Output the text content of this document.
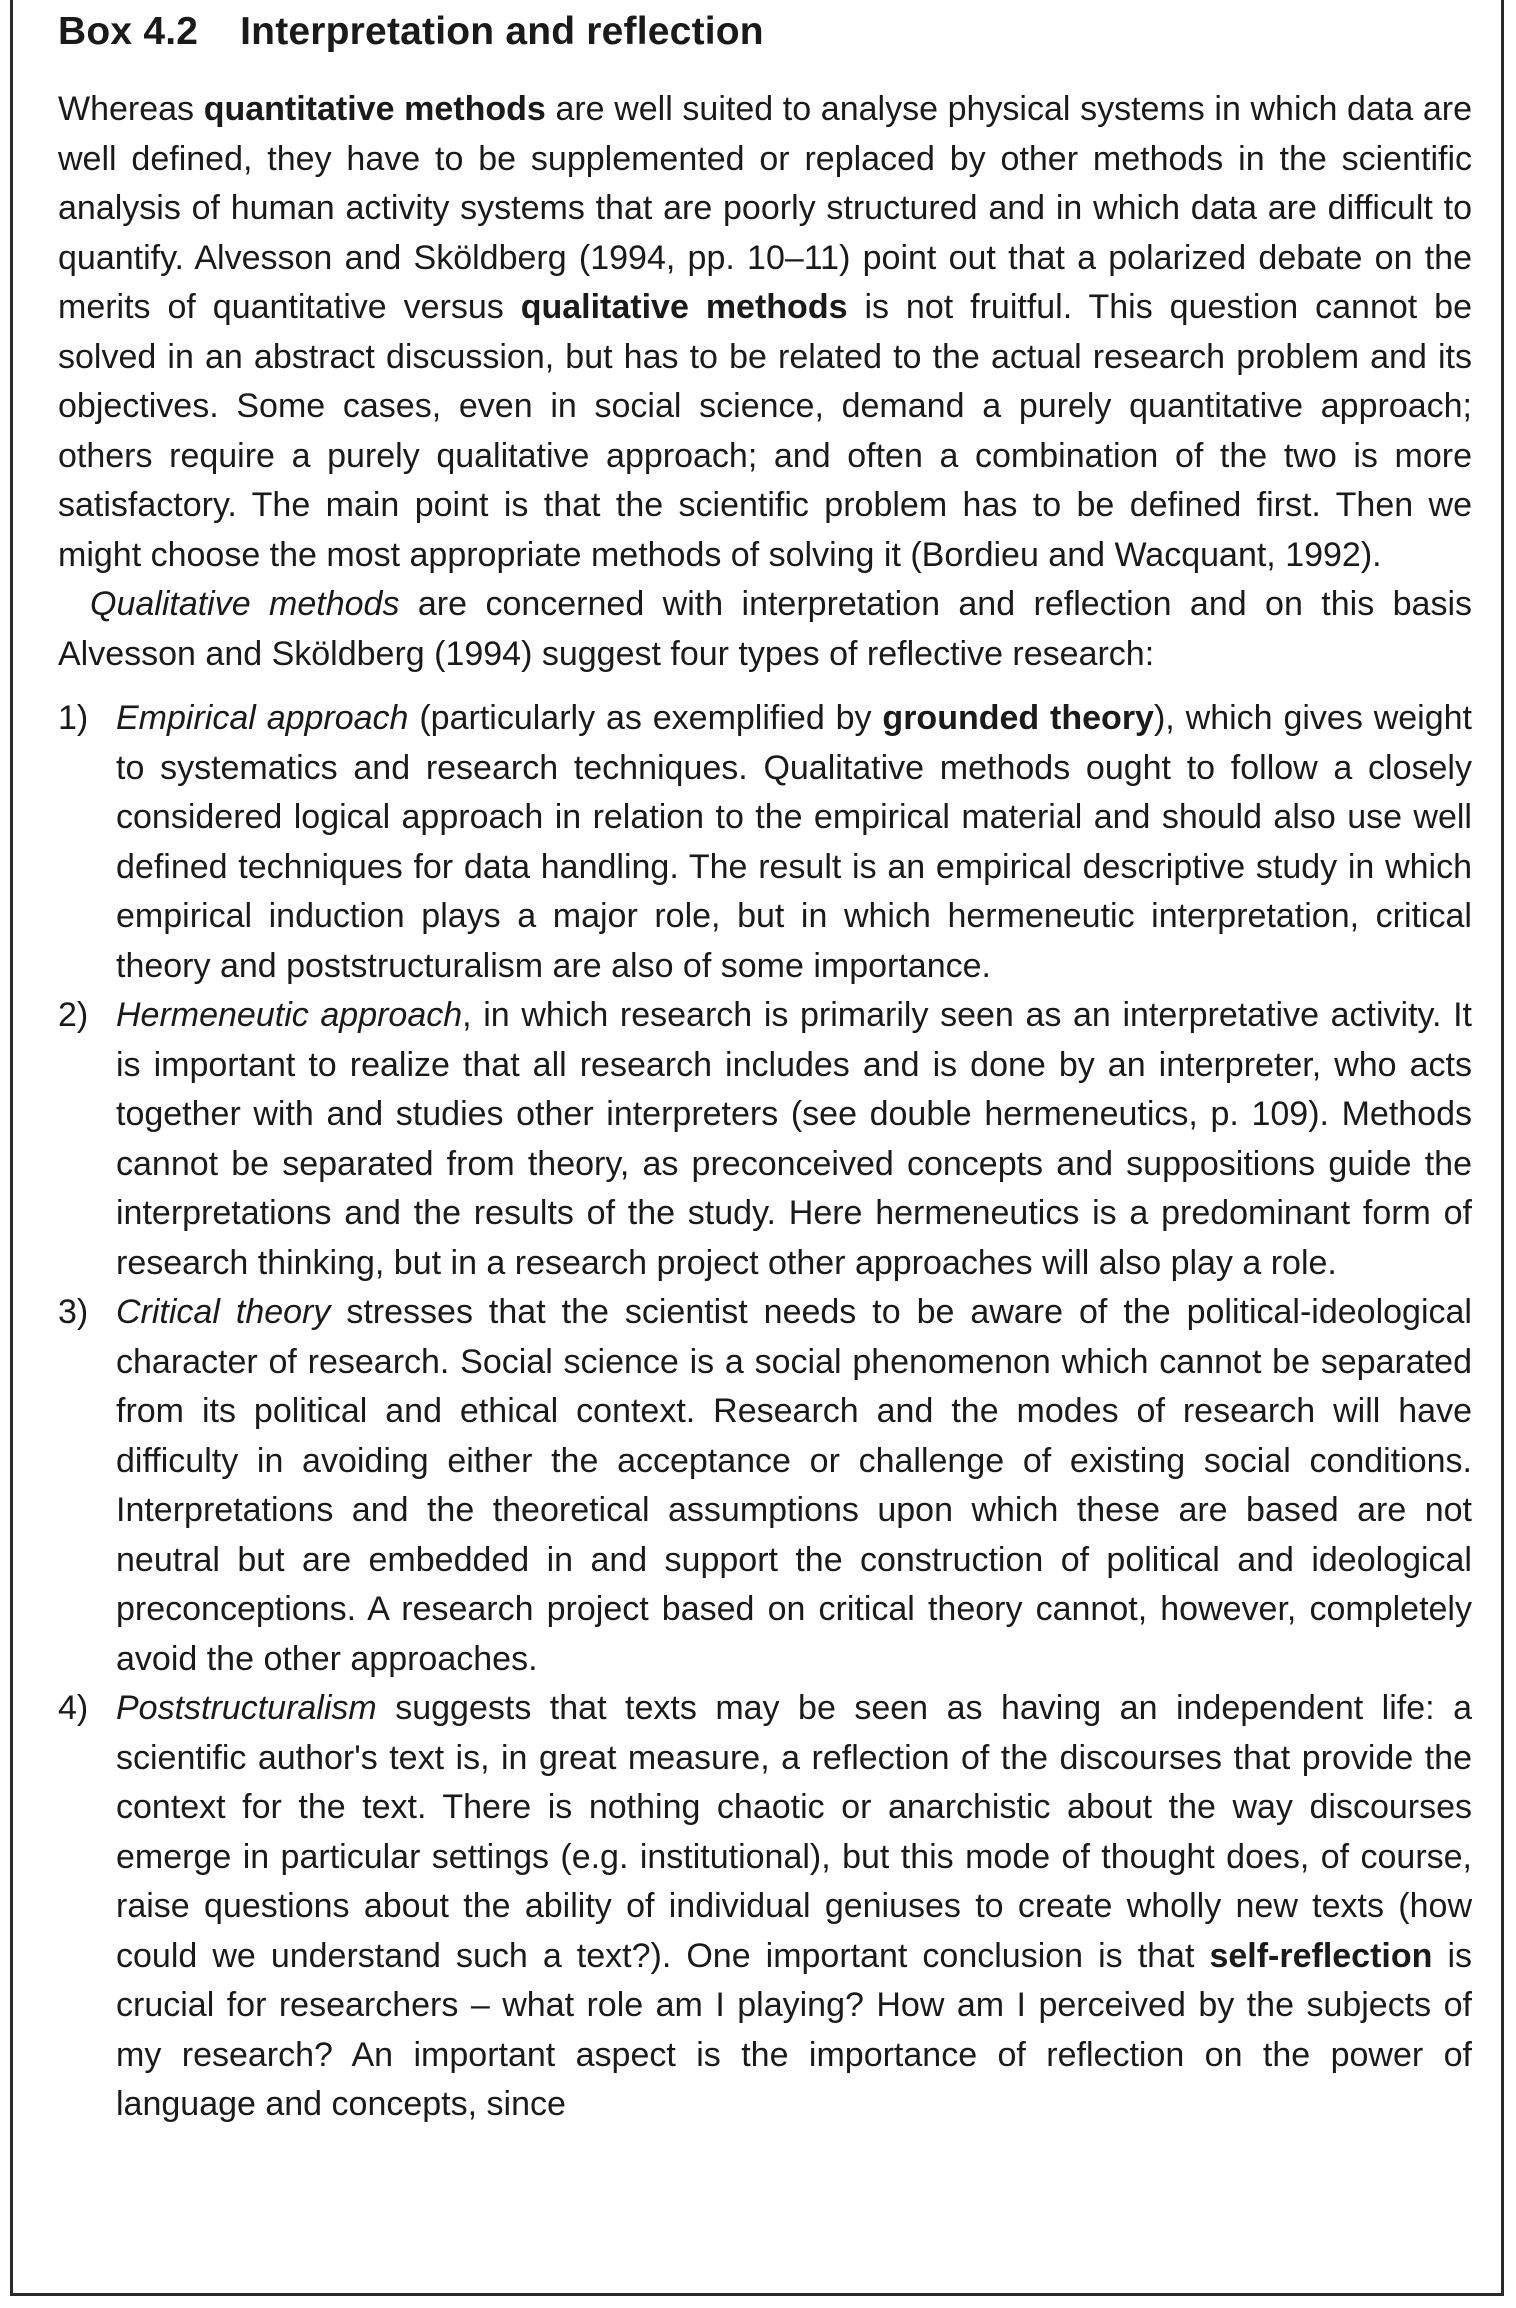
Box 4.2 Interpretation and reflection

Whereas quantitative methods are well suited to analyse physical systems in which data are well defined, they have to be supplemented or replaced by other methods in the scientific analysis of human activity systems that are poorly structured and in which data are difficult to quantify. Alvesson and Sköldberg (1994, pp. 10–11) point out that a polarized debate on the merits of quantitative versus qualitative methods is not fruitful. This question cannot be solved in an abstract discussion, but has to be related to the actual research problem and its objectives. Some cases, even in social science, demand a purely quantitative approach; others require a purely qualitative approach; and often a combination of the two is more satisfactory. The main point is that the scientific problem has to be defined first. Then we might choose the most appropriate methods of solving it (Bordieu and Wacquant, 1992).

Qualitative methods are concerned with interpretation and reflection and on this basis Alvesson and Sköldberg (1994) suggest four types of reflective research:

1) Empirical approach (particularly as exemplified by grounded theory), which gives weight to systematics and research techniques. Qualitative methods ought to follow a closely considered logical approach in relation to the empirical material and should also use well defined techniques for data handling. The result is an empirical descriptive study in which empirical induction plays a major role, but in which hermeneutic interpretation, critical theory and poststructuralism are also of some importance.
2) Hermeneutic approach, in which research is primarily seen as an interpretative activity. It is important to realize that all research includes and is done by an interpreter, who acts together with and studies other interpreters (see double hermeneutics, p. 109). Methods cannot be separated from theory, as preconceived concepts and suppositions guide the interpretations and the results of the study. Here hermeneutics is a predominant form of research thinking, but in a research project other approaches will also play a role.
3) Critical theory stresses that the scientist needs to be aware of the political-ideological character of research. Social science is a social phenomenon which cannot be separated from its political and ethical context. Research and the modes of research will have difficulty in avoiding either the acceptance or challenge of existing social conditions. Interpretations and the theoretical assumptions upon which these are based are not neutral but are embedded in and support the construction of political and ideological preconceptions. A research project based on critical theory cannot, however, completely avoid the other approaches.
4) Poststructuralism suggests that texts may be seen as having an independent life: a scientific author's text is, in great measure, a reflection of the discourses that provide the context for the text. There is nothing chaotic or anarchistic about the way discourses emerge in particular settings (e.g. institutional), but this mode of thought does, of course, raise questions about the ability of individual geniuses to create wholly new texts (how could we understand such a text?). One important conclusion is that self-reflection is crucial for researchers – what role am I playing? How am I perceived by the subjects of my research? An important aspect is the importance of reflection on the power of language and concepts, since
